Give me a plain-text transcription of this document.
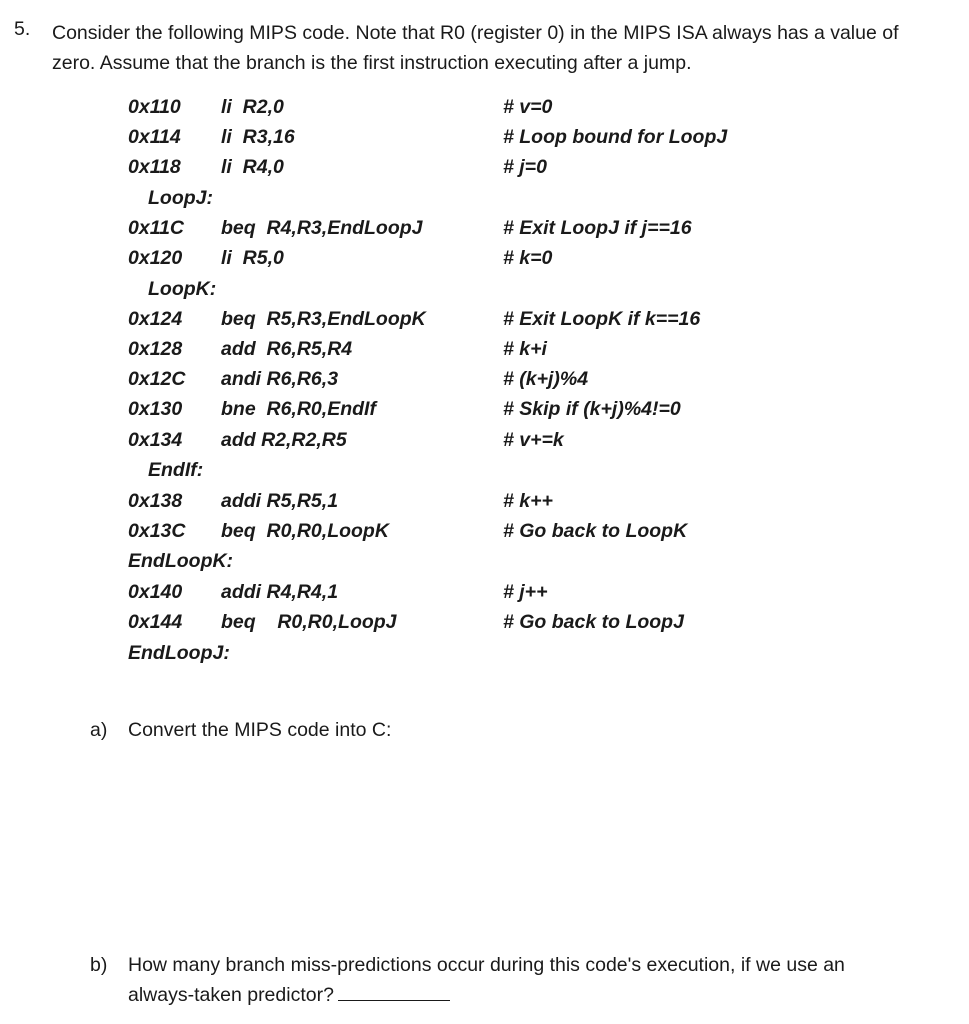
5. Consider the following MIPS code. Note that R0 (register 0) in the MIPS ISA always has a value of
zero. Assume that the branch is the first instruction executing after a jump.
0x110 li  R2,0	# v=0
0x114 li  R3,16	# Loop bound for LoopJ
0x118 li  R4,0	# j=0
LoopJ:
0x11C beq  R4,R3,EndLoopJ	# Exit LoopJ if j==16
0x120 li  R5,0	# k=0
LoopK:
0x124 beq  R5,R3,EndLoopK	# Exit LoopK if k==16
0x128 add  R6,R5,R4	# k+i
0x12C andi R6,R6,3	# (k+j)%4
0x130 bne  R6,R0,EndIf	# Skip if (k+j)%4!=0
0x134 add R2,R2,R5	# v+=k
EndIf:
0x138 addi R5,R5,1	# k++
0x13C beq  R0,R0,LoopK	# Go back to LoopK
EndLoopK:
0x140 addi R4,R4,1	# j++
0x144 beq    R0,R0,LoopJ	# Go back to LoopJ
EndLoopJ:
a) Convert the MIPS code into C:
b) How many branch miss-predictions occur during this code's execution, if we use an
always-taken predictor?
